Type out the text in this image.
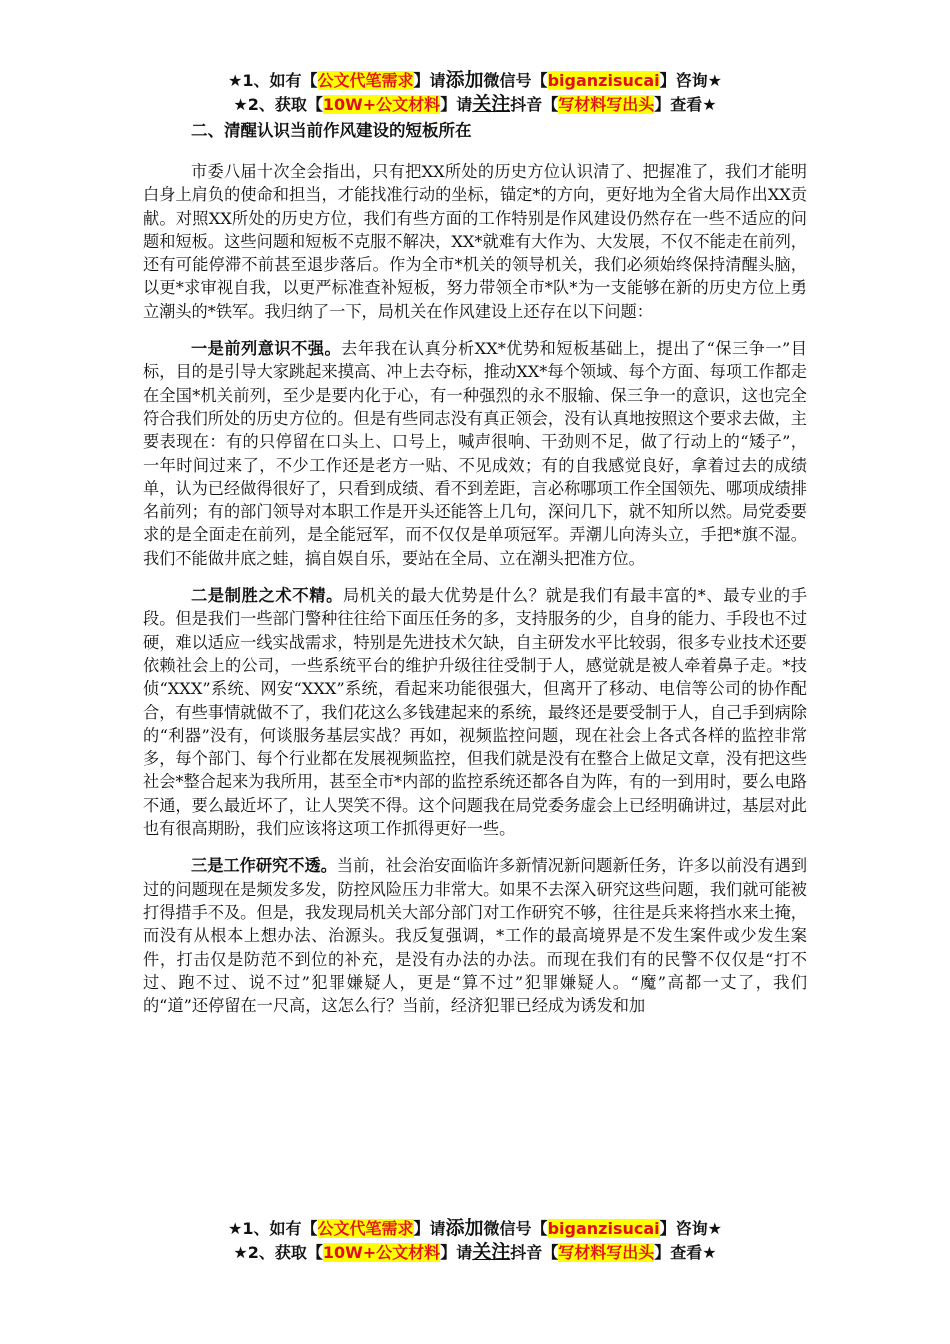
★1、如有【公文代笔需求】请添加微信号【biganzisucai】咨询★
★2、获取【10W+公文材料】请关注抖音【写材料写出头】查看★
二、清醒认识当前作风建设的短板所在

市委八届十次全会指出，只有把XX所处的历史方位认识清了、把握准了，我们才能明白身上肩负的使命和担当，才能找准行动的坐标，锚定*的方向，更好地为全省大局作出XX贡献。对照XX所处的历史方位，我们有些方面的工作特别是作风建设仍然存在一些不适应的问题和短板。这些问题和短板不克服不解决，XX*就难有大作为、大发展，不仅不能走在前列，还有可能停滞不前甚至退步落后。作为全市*机关的领导机关，我们必须始终保持清醒头脑，以更*求审视自我，以更严标准查补短板，努力带领全市*队*为一支能够在新的历史方位上勇立潮头的*铁军。我归纳了一下，局机关在作风建设上还存在以下问题：

一是前列意识不强。去年我在认真分析XX*优势和短板基础上，提出了“保三争一”目标，目的是引导大家跳起来摸高、冲上去夺标，推动XX*每个领域、每个方面、每项工作都走在全国*机关前列，至少是要内化于心，有一种强烈的永不服输、保三争一的意识，这也完全符合我们所处的历史方位的。但是有些同志没有真正领会，没有认真地按照这个要求去做，主要表现在：有的只停留在口头上、口号上，喊声很响、干劲则不足，做了行动上的“矮子”，一年时间过来了，不少工作还是老方一贴、不见成效；有的自我感觉良好，拿着过去的成绩单，认为已经做得很好了，只看到成绩、看不到差距，言必称哪项工作全国领先、哪项成绩排名前列；有的部门领导对本职工作是开头还能答上几句，深问几下，就不知所以然。局党委要求的是全面走在前列，是全能冠军，而不仅仅是单项冠军。弄潮儿向涛头立，手把*旗不湿。我们不能做井底之蛙，搞自娱自乐，要站在全局、立在潮头把准方位。

二是制胜之术不精。局机关的最大优势是什么？就是我们有最丰富的*、最专业的手段。但是我们一些部门警种往往给下面压任务的多，支持服务的少，自身的能力、手段也不过硬，难以适应一线实战需求，特别是先进技术欠缺，自主研发水平比较弱，很多专业技术还要依赖社会上的公司，一些系统平台的维护升级往往受制于人，感觉就是被人牵着鼻子走。*技侦“XXX”系统、网安“XXX”系统，看起来功能很强大，但离开了移动、电信等公司的协作配合，有些事情就做不了，我们花这么多钱建起来的系统，最终还是要受制于人，自己手到病除的“利器”没有，何谈服务基层实战？再如，视频监控问题，现在社会上各式各样的监控非常多，每个部门、每个行业都在发展视频监控，但我们就是没有在整合上做足文章，没有把这些社会*整合起来为我所用，甚至全市*内部的监控系统还都各自为阵，有的一到用时，要么电路不通，要么最近坏了，让人哭笑不得。这个问题我在局党委务虚会上已经明确讲过，基层对此也有很高期盼，我们应该将这项工作抓得更好一些。

三是工作研究不透。当前，社会治安面临许多新情况新问题新任务，许多以前没有遇到过的问题现在是频发多发，防控风险压力非常大。如果不去深入研究这些问题，我们就可能被打得措手不及。但是，我发现局机关大部分部门对工作研究不够，往往是兵来将挡水来土掩，而没有从根本上想办法、治源头。我反复强调，*工作的最高境界是不发生案件或少发生案件，打击仅是防范不到位的补充，是没有办法的办法。而现在我们有的民警不仅仅是“打不过、跑不过、说不过”犯罪嫌疑人，更是“算不过”犯罪嫌疑人。“魔”高都一丈了，我们的“道”还停留在一尺高，这怎么行？当前，经济犯罪已经成为诱发和加

★1、如有【公文代笔需求】请添加微信号【biganzisucai】咨询★
★2、获取【10W+公文材料】请关注抖音【写材料写出头】查看★
